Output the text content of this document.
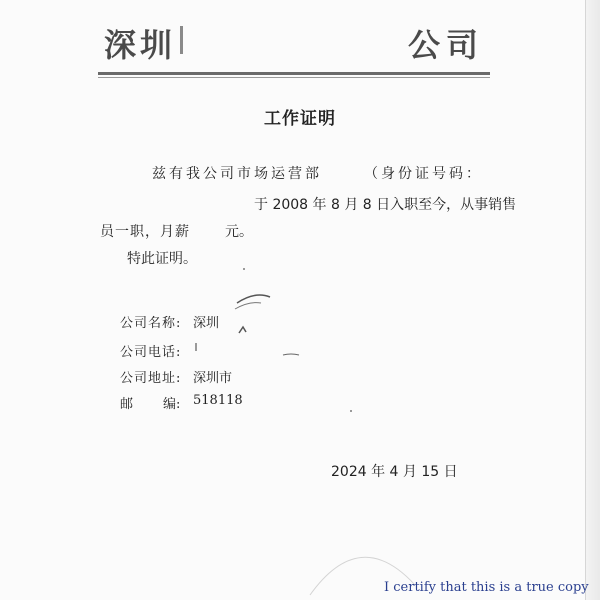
深圳	公司
工作证明
兹有我公司市场运营部	（身份证号码：
于 2008 年 8 月 8 日入职至今，从事销售
员一职，月薪	元。
特此证明。
公司名称: 深圳
公司电话:
公司地址: 深圳市
邮 编: 518118
2024 年 4 月 15 日
I certify that this is a true copy
